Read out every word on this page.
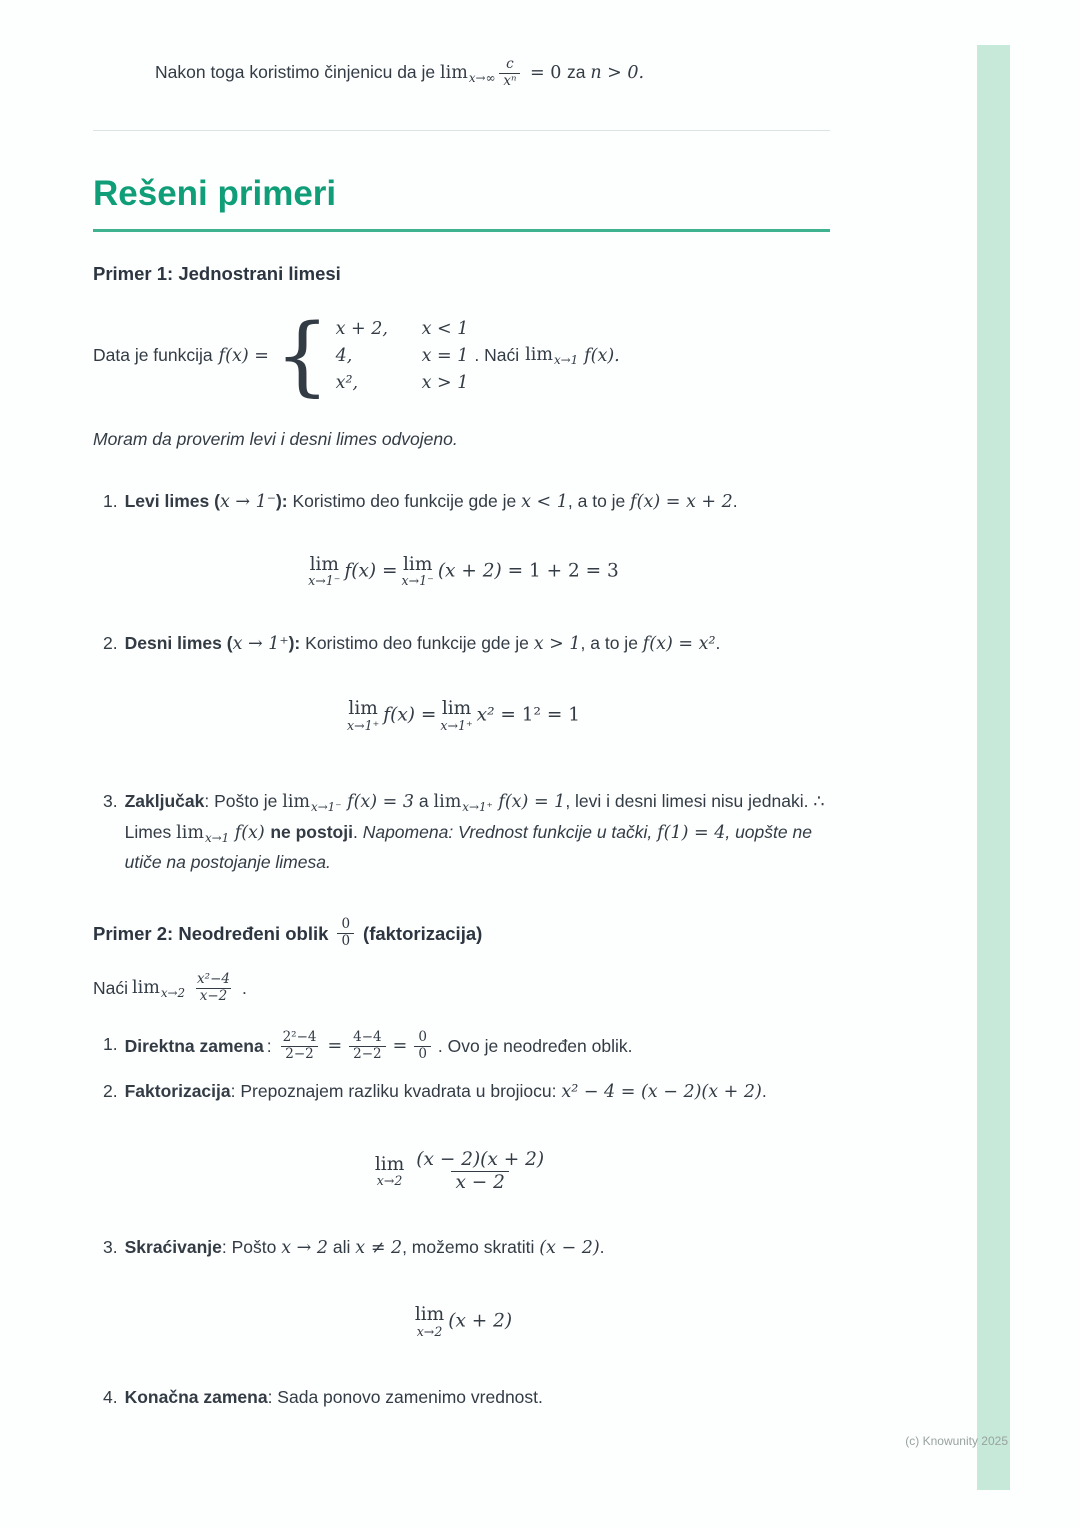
Nakon toga koristimo činjenicu da je $\lim_{x\to\infty} \frac{c}{\text{xⁿ}} = 0$ za n > 0.

Rešeni primeri
Primer 1: Jednostrani limesi
Data je funkcija f(x) = { x + 2,	x < 1
4,	x = 1
x²,	x > 1
. Naći $\lim_{x\to 1} f(x)$.
Moram da proverim levi i desni limes odvojeno.
1. Levi limes (x → 1⁻): Koristimo deo funkcije gde je x < 1, a to je f(x) = x + 2.
lim
x→1⁻ f(x) = lim
x→1⁻ (x + 2) = 1 + 2 = 3
2. Desni limes (x → 1⁺): Koristimo deo funkcije gde je x > 1, a to je f(x) = x².
lim
x→1⁺ f(x) = lim
x→1⁺ x² = 1² = 1
3. Zaključak: Pošto je $\lim_{x\to 1^-} f(x) = 3$ a $\lim_{x\to 1^+} f(x) = 1$, levi i desni limesi nisu jednaki. ∴ Limes $\lim_{x\to 1} f(x)$ ne postoji. Napomena: Vrednost funkcije u tački, f(1) = 4, uopšte ne utiče na postojanje limesa.
Primer 2: Neodređeni oblik $\frac{0}{0}$ (faktorizacija)
Naći $\lim_{x\to 2} \frac{\text{x²−4}}{x-2}$ .
1. Direktna zamena : $\frac{\text{2²−4}}{2-2} = \frac{4-4}{2-2} = \frac{0}{0}$ . Ovo je neodređen oblik.
2. Faktorizacija: Prepoznajem razliku kvadrata u brojiocu: x² − 4 = (x − 2)(x + 2).
lim
$x\to 2 \frac{(x - 2)(x + 2)}{x - 2}$
3. Skraćivanje: Pošto x → 2 ali x ≠ 2, možemo skratiti (x − 2).
lim
x→2 (x + 2)
4. Konačna zamena: Sada ponovo zamenimo vrednost.
(c) Knowunity 2025
